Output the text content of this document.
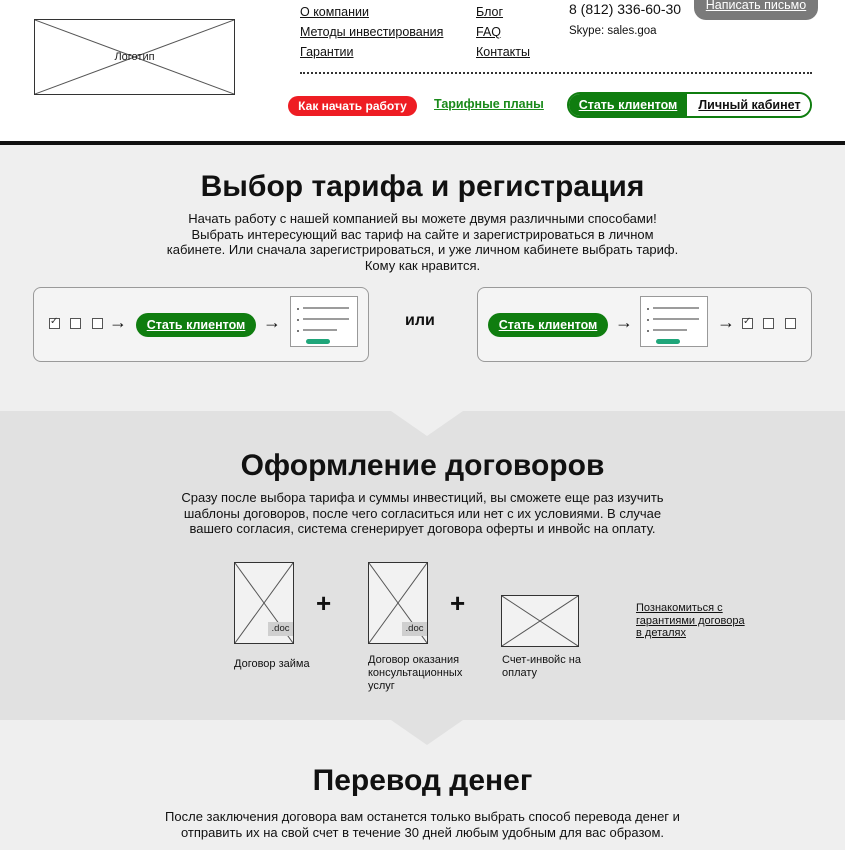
Логотип
О компании
Методы инвестирования
Гарантии
Блог
FAQ
Контакты
8 (812) 336-60-30
Skype: sales.goa
Написать письмо
Как начать работу	Тарифные планы	Стать клиентом	Личный кабинет
Выбор тарифа и регистрация
Начать работу с нашей компанией вы можете двумя различными способами! Выбрать интересующий вас тариф на сайте и зарегистрироваться в личном кабинете. Или сначала зарегистрироваться, и уже личном кабинете выбрать тариф. Кому как нравится.
✓
→	Стать клиентом →	или	Стать клиентом →	→
✓
Оформление договоров
Сразу после выбора тарифа и суммы инвестиций, вы сможете еще раз изучить шаблоны договоров, после чего согласиться или нет с их условиями. В случае вашего согласия, система сгенерирует договора оферты и инвойс на оплату.
.doc
Договор займа
+
.doc
Договор оказания консультационных услуг
+
Счет-инвойс на оплату
Познакомиться с гарантиями договора в деталях
Перевод денег
После заключения договора вам останется только выбрать способ перевода денег и отправить их на свой счет в течение 30 дней любым удобным для вас образом.
